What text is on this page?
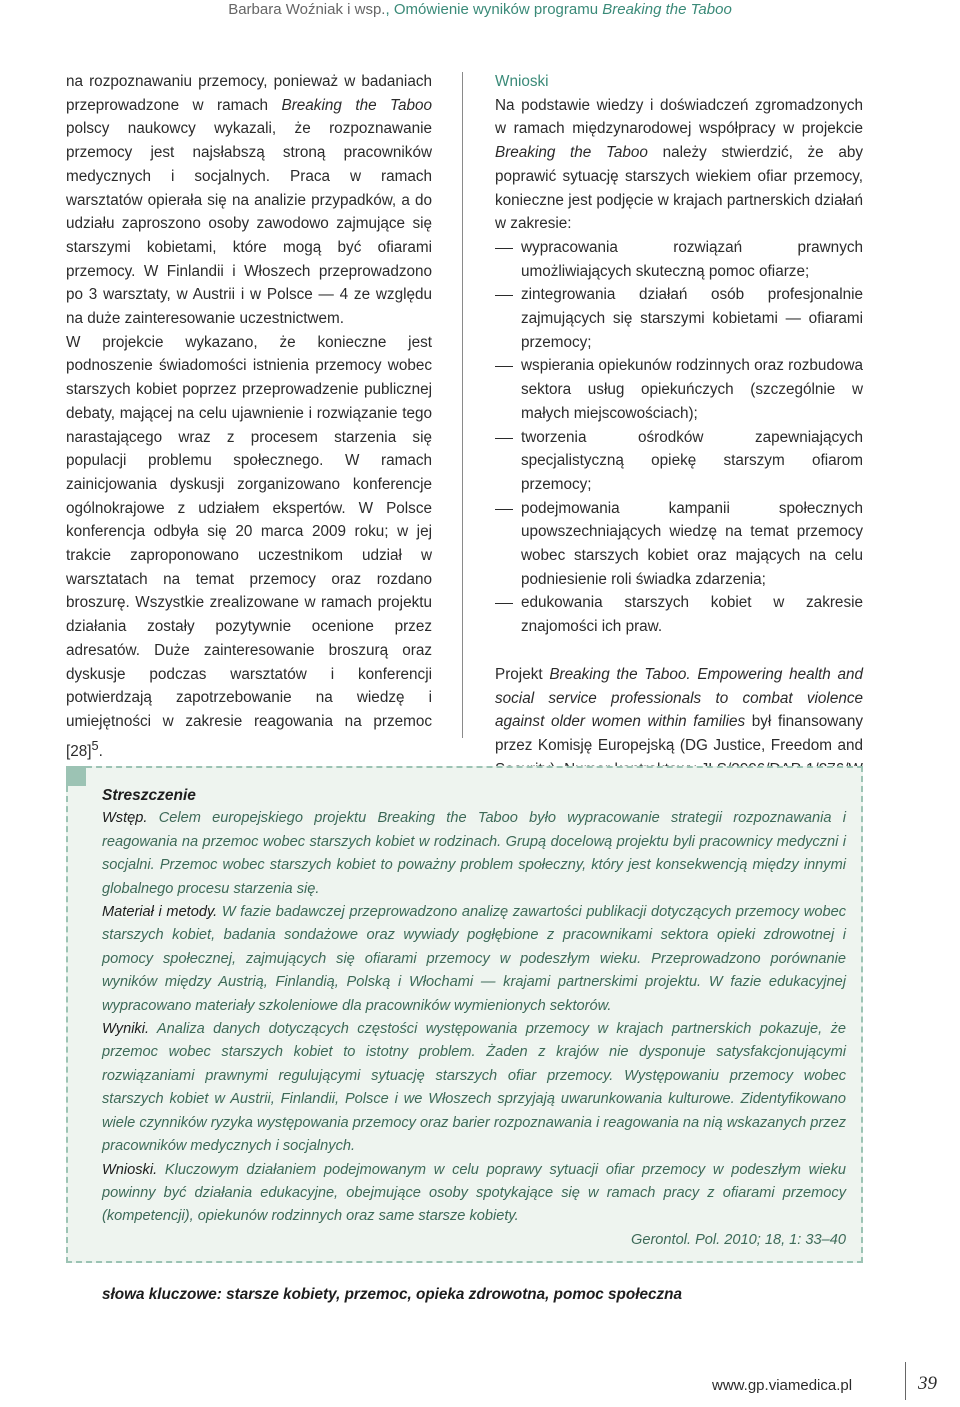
Barbara Woźniak i wsp., Omówienie wyników programu Breaking the Taboo

na rozpoznawaniu przemocy, ponieważ w badaniach przeprowadzone w ramach Breaking the Taboo polscy naukowcy wykazali, że rozpoznawanie przemocy jest najsłabszą stroną pracowników medycznych i socjalnych. Praca w ramach warsztatów opierała się na analizie przypadków, a do udziału zaproszono osoby zawodowo zajmujące się starszymi kobietami, które mogą być ofiarami przemocy. W Finlandii i Włoszech przeprowadzono po 3 warsztaty, w Austrii i w Polsce — 4 ze względu na duże zainteresowanie uczestnictwem.

W projekcie wykazano, że konieczne jest podnoszenie świadomości istnienia przemocy wobec starszych kobiet poprzez przeprowadzenie publicznej debaty, mającej na celu ujawnienie i rozwiązanie tego narastającego wraz z procesem starzenia się populacji problemu społecznego. W ramach zainicjowania dyskusji zorganizowano konferencje ogólnokrajowe z udziałem ekspertów. W Polsce konferencja odbyła się 20 marca 2009 roku; w jej trakcie zaproponowano uczestnikom udział w warsztatach na temat przemocy oraz rozdano broszurę. Wszystkie zrealizowane w ramach projektu działania zostały pozytywnie ocenione przez adresatów. Duże zainteresowanie broszurą oraz dyskusje podczas warsztatów i konferencji potwierdzają zapotrzebowanie na wiedzę i umiejętności w zakresie reagowania na przemoc $[28]^5$.

Wnioski

Na podstawie wiedzy i doświadczeń zgromadzonych w ramach międzynarodowej współpracy w projekcie Breaking the Taboo należy stwierdzić, że aby poprawić sytuację starszych wiekiem ofiar przemocy, konieczne jest podjęcie w krajach partnerskich działań w zakresie:

wypracowania rozwiązań prawnych umożliwiających skuteczną pomoc ofiarze;
zintegrowania działań osób profesjonalnie zajmujących się starszymi kobietami — ofiarami przemocy;
wspierania opiekunów rodzinnych oraz rozbudowa sektora usług opiekuńczych (szczególnie w małych miejscowościach);
tworzenia ośrodków zapewniających specjalistyczną opiekę starszym ofiarom przemocy;
podejmowania kampanii społecznych upowszechniających wiedzę na temat przemocy wobec starszych kobiet oraz mających na celu podniesienie roli świadka zdarzenia;
edukowania starszych kobiet w zakresie znajomości ich praw.

Projekt Breaking the Taboo. Empowering health and social service professionals to combat violence against older women within families był finansowany przez Komisję Europejską (DG Justice, Freedom and

Streszczenie

Wstęp. Celem europejskiego projektu Breaking the Taboo było wypracowanie strategii rozpoznawania i reagowania na przemoc wobec starszych kobiet w rodzinach. Grupą docelową projektu byli pracownicy medyczni i socjalni. Przemoc wobec starszych kobiet to poważny problem społeczny, który jest konsekwencją między innymi globalnego procesu starzenia się.

Materiał i metody. W fazie badawczej przeprowadzono analizę zawartości publikacji dotyczących przemocy wobec starszych kobiet, badania sondażowe oraz wywiady pogłębione z pracownikami sektora opieki zdrowotnej i pomocy społecznej, zajmujących się ofiarami przemocy w podeszłym wieku. Przeprowadzono porównanie wyników między Austrią, Finlandią, Polską i Włochami — krajami partnerskimi projektu. W fazie edukacyjnej wypracowano materiały szkoleniowe dla pracowników wymienionych sektorów.

Wyniki. Analiza danych dotyczących częstości występowania przemocy w krajach partnerskich pokazuje, że przemoc wobec starszych kobiet to istotny problem. Żaden z krajów nie dysponuje satysfakcjonującymi rozwiązaniami prawnymi regulującymi sytuację starszych ofiar przemocy. Występowaniu przemocy wobec starszych kobiet w Austrii, Finlandii, Polsce i we Włoszech sprzyjają uwarunkowania kulturowe. Zidentyfikowano wiele czynników ryzyka występowania przemocy oraz barier rozpoznawania i reagowania na nią wskazanych przez pracowników medycznych i socjalnych.

Wnioski. Kluczowym działaniem podejmowanym w celu poprawy sytuacji ofiar przemocy w podeszłym wieku powinny być działania edukacyjne, obejmujące osoby spotykające się w ramach pracy z ofiarami przemocy (kompetencji), opiekunów rodzinnych oraz same starsze kobiety.

Gerontol. Pol. 2010; 18, 1: 33–40

słowa kluczowe: starsze kobiety, przemoc, opieka zdrowotna, pomoc społeczna
www.gp.viamedica.pl	39
